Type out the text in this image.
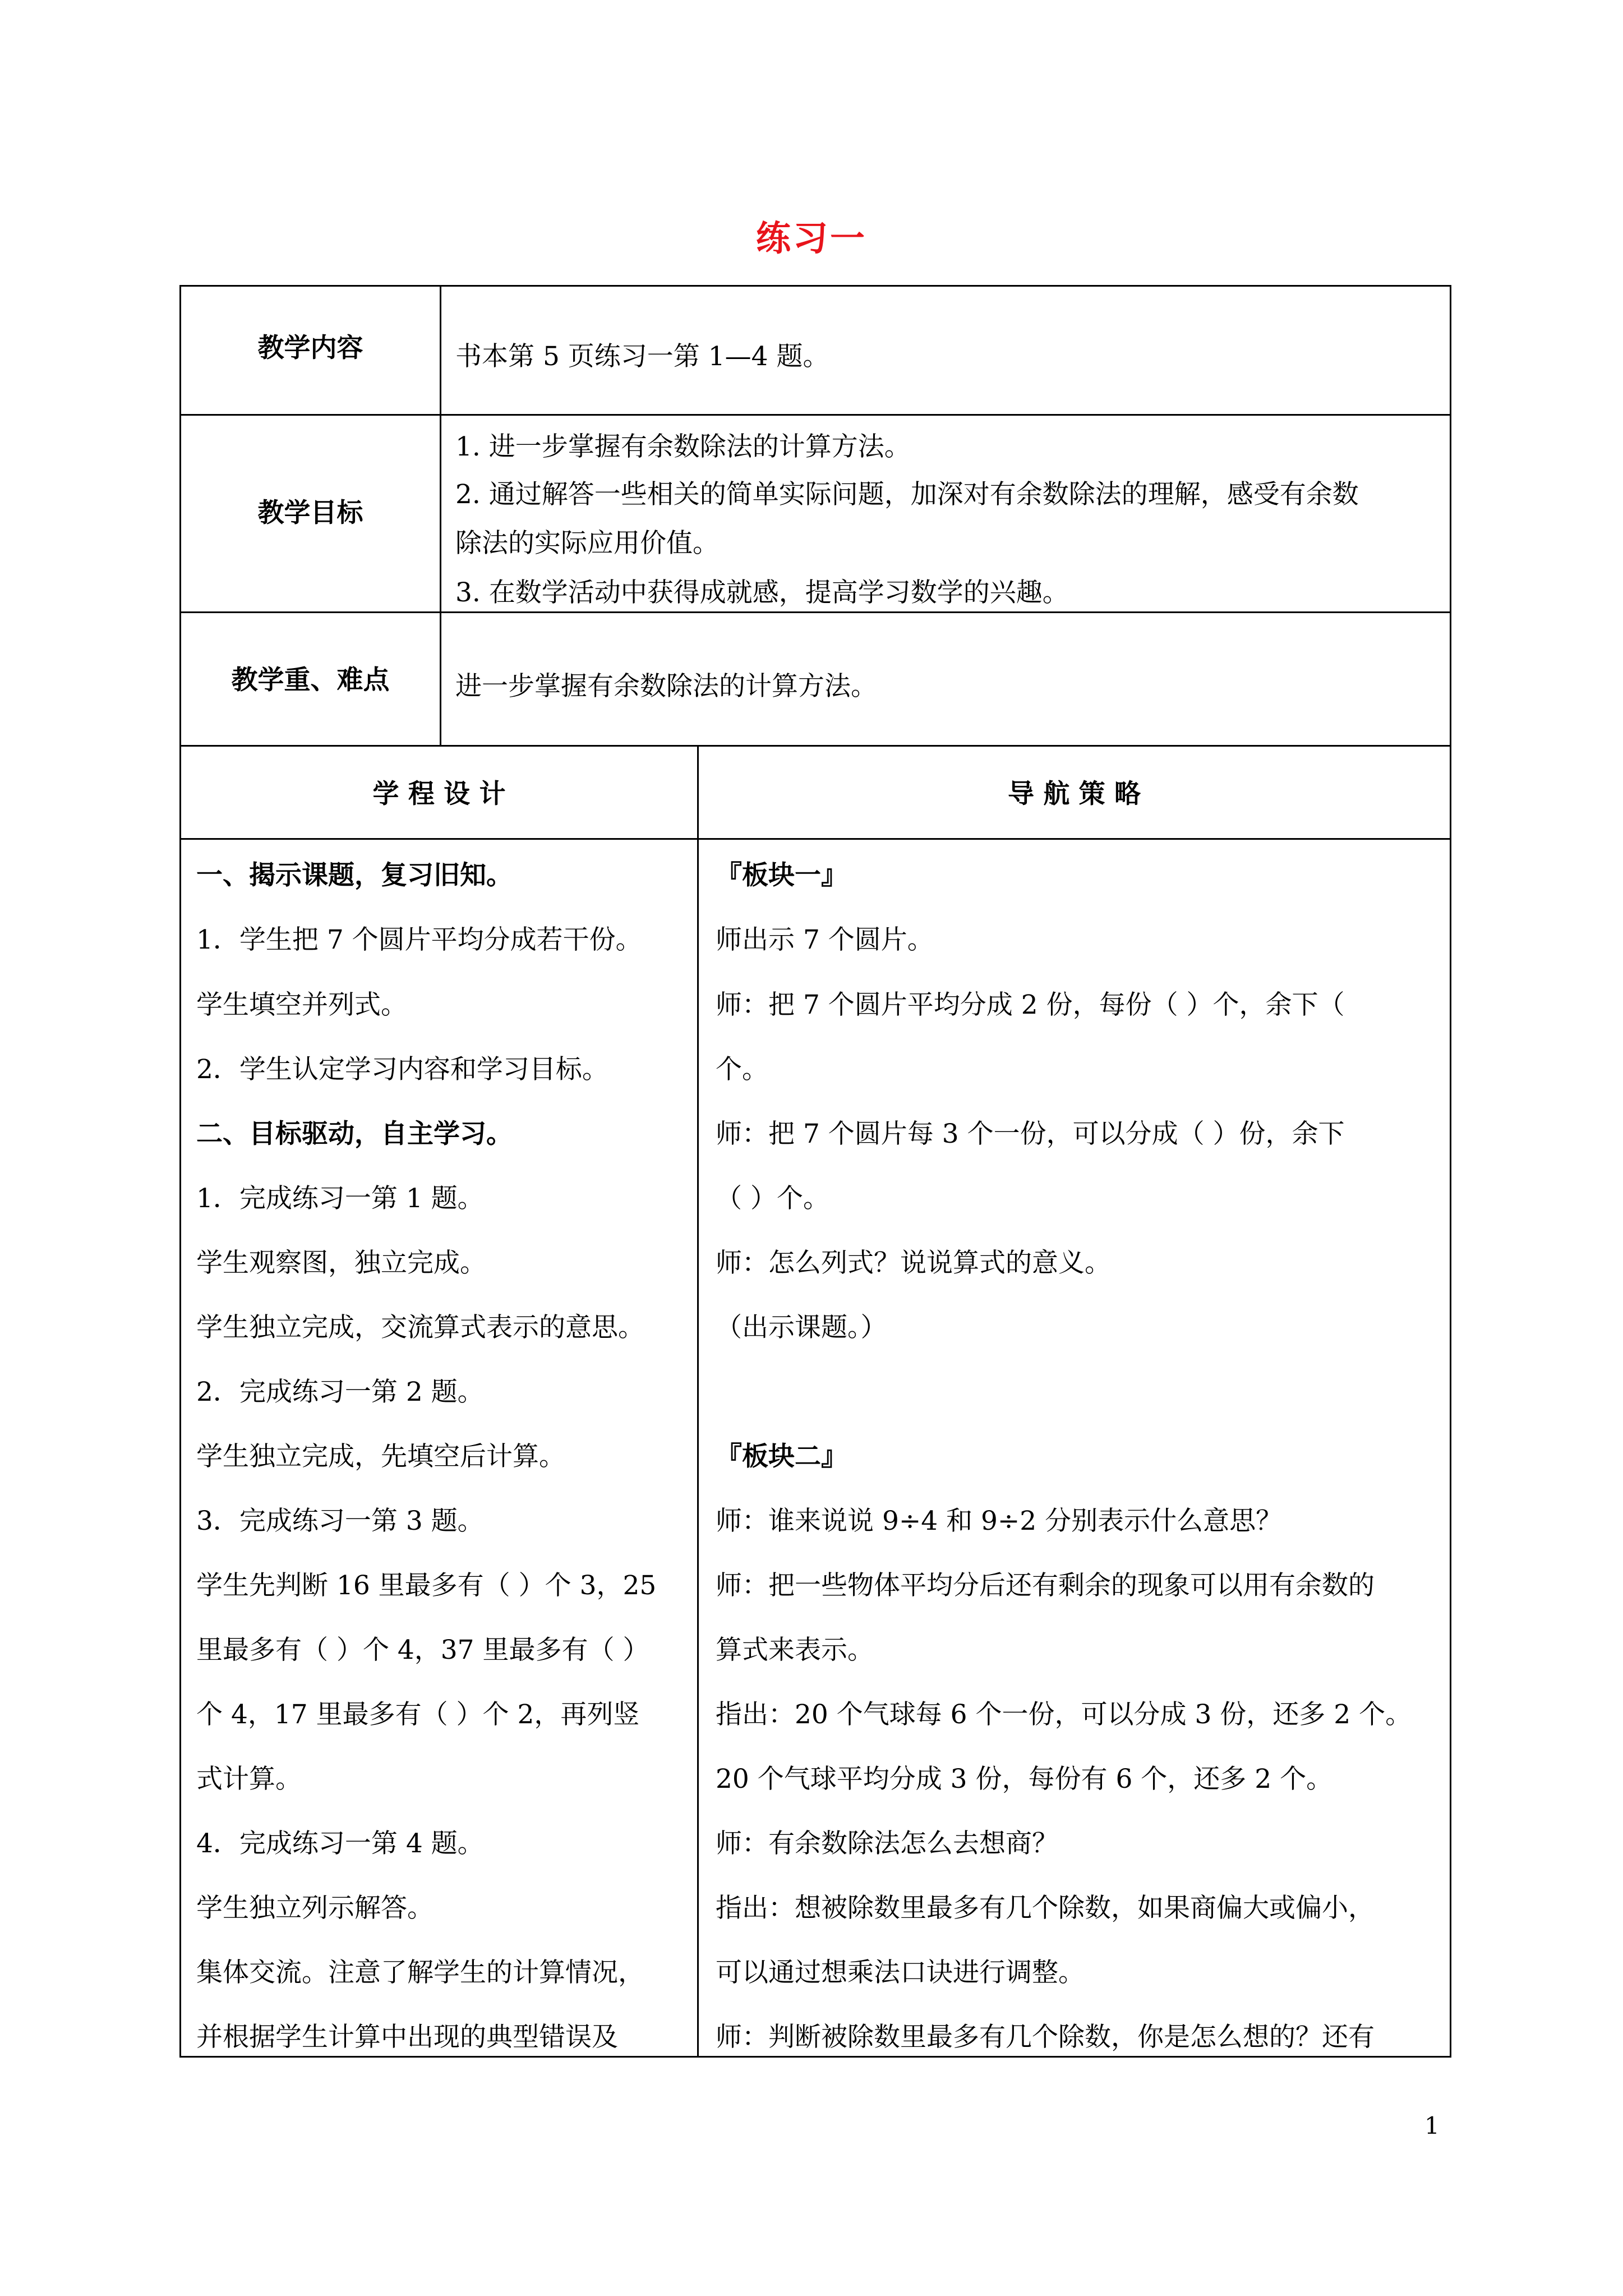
练习一
教学内容
教学目标
教学重、难点
书本第 5 页练习一第 1—4 题。
1. 进一步掌握有余数除法的计算方法。
2. 通过解答一些相关的简单实际问题，加深对有余数除法的理解，感受有余数
除法的实际应用价值。
3. 在数学活动中获得成就感，提高学习数学的兴趣。
进一步掌握有余数除法的计算方法。
学 程 设 计	导 航 策 略
一、揭示课题，复习旧知。
1．学生把 7 个圆片平均分成若干份。
学生填空并列式。
2．学生认定学习内容和学习目标。
二、目标驱动，自主学习。
1．完成练习一第 1 题。
学生观察图，独立完成。
学生独立完成，交流算式表示的意思。
2．完成练习一第 2 题。
学生独立完成，先填空后计算。
3．完成练习一第 3 题。
学生先判断 16 里最多有（ ）个 3，25
里最多有（ ）个 4，37 里最多有（ ）
个 4，17 里最多有（ ）个 2，再列竖
式计算。
4．完成练习一第 4 题。
学生独立列示解答。
集体交流。注意了解学生的计算情况，
并根据学生计算中出现的典型错误及
『板块一』
师出示 7 个圆片。
师：把 7 个圆片平均分成 2 份，每份（ ）个，余下（
个。
师：把 7 个圆片每 3 个一份，可以分成（ ）份，余下
（ ）个。
师：怎么列式？说说算式的意义。
（出示课题。）
『板块二』
师：谁来说说 9÷4 和 9÷2 分别表示什么意思？
师：把一些物体平均分后还有剩余的现象可以用有余数的
算式来表示。
指出：20 个气球每 6 个一份，可以分成 3 份，还多 2 个。
20 个气球平均分成 3 份，每份有 6 个，还多 2 个。
师：有余数除法怎么去想商？
指出：想被除数里最多有几个除数，如果商偏大或偏小，
可以通过想乘法口诀进行调整。
师：判断被除数里最多有几个除数，你是怎么想的？还有
1
